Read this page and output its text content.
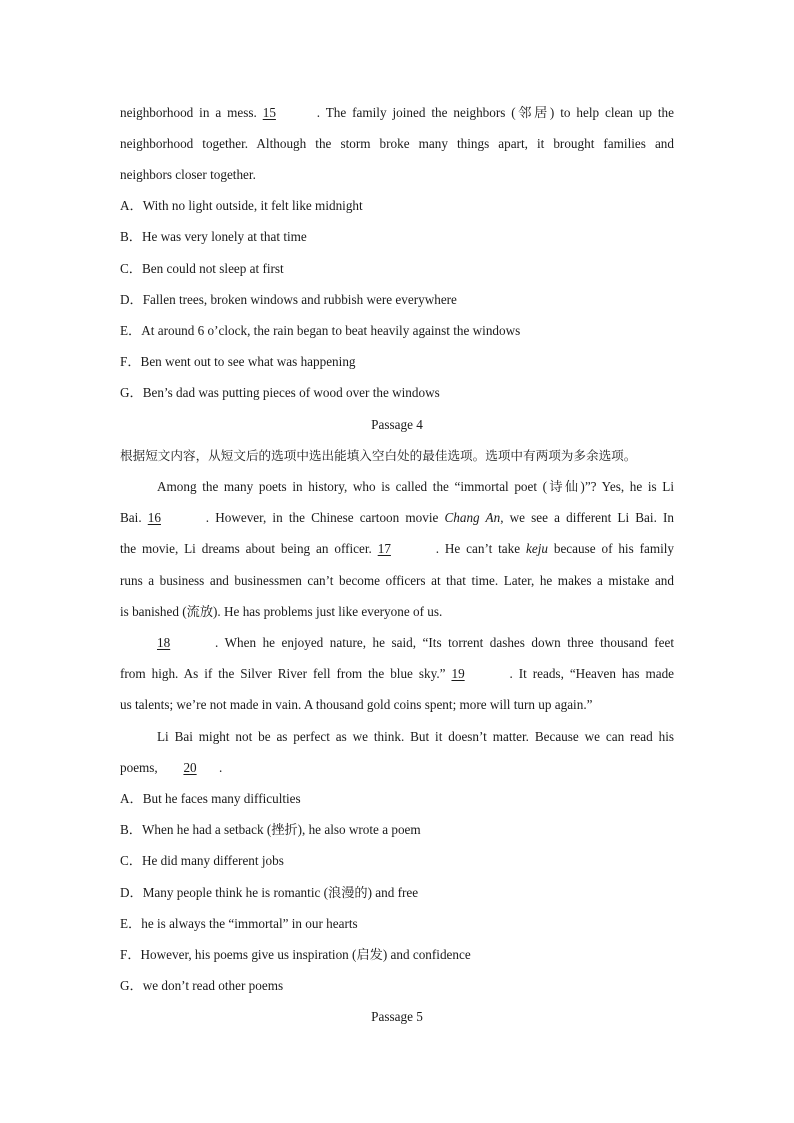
neighborhood in a mess. 15	. The family joined the neighbors (邻居) to help clean up the
neighborhood together. Although the storm broke many things apart, it brought families and
neighbors closer together.
A．With no light outside, it felt like midnight
B．He was very lonely at that time
C．Ben could not sleep at first
D．Fallen trees, broken windows and rubbish were everywhere
E．At around 6 o’clock, the rain began to beat heavily against the windows
F．Ben went out to see what was happening
G．Ben’s dad was putting pieces of wood over the windows
Passage 4
根据短文内容，从短文后的选项中选出能填入空白处的最佳选项。选项中有两项为多余选项。
Among the many poets in history, who is called the “immortal poet (诗仙)”? Yes, he is Li
Bai. 16	. However, in the Chinese cartoon movie Chang An, we see a different Li Bai. In
the movie, Li dreams about being an officer. 17	. He can’t take keju because of his family
runs a business and businessmen can’t become officers at that time. Later, he makes a mistake and
is banished (流放). He has problems just like everyone of us.
18	. When he enjoyed nature, he said, “Its torrent dashes down three thousand feet
from high. As if the Silver River fell from the blue sky.” 19	. It reads, “Heaven has made
us talents; we’re not made in vain. A thousand gold coins spent; more will turn up again.”
Li Bai might not be as perfect as we think. But it doesn’t matter. Because we can read his
poems, 20 .
A．But he faces many difficulties
B．When he had a setback (挫折), he also wrote a poem
C．He did many different jobs
D．Many people think he is romantic (浪漫的) and free
E．he is always the “immortal” in our hearts
F．However, his poems give us inspiration (启发) and confidence
G．we don’t read other poems
Passage 5
